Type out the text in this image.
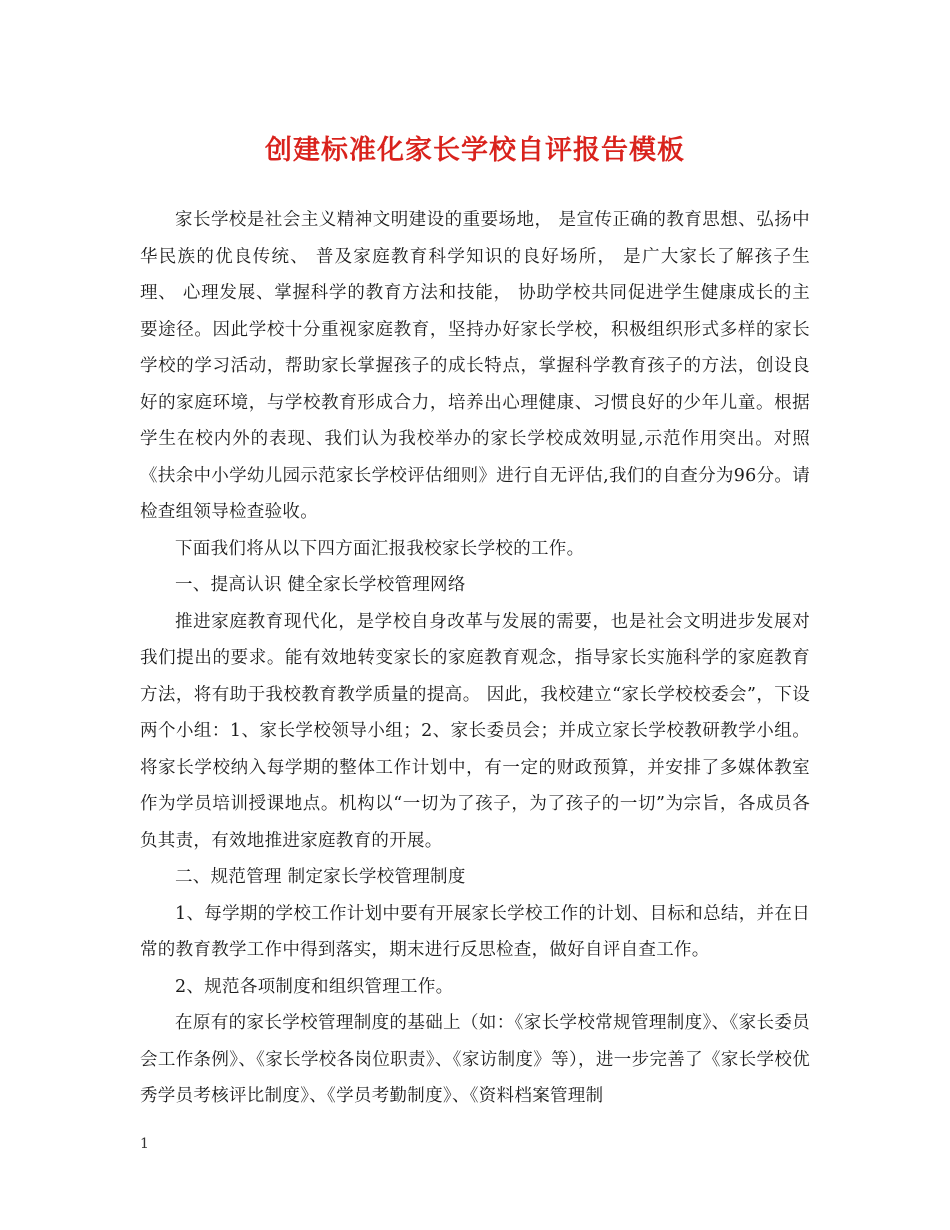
创建标准化家长学校自评报告模板

家长学校是社会主义精神文明建设的重要场地， 是宣传正确的教育思想、弘扬中华民族的优良传统、 普及家庭教育科学知识的良好场所， 是广大家长了解孩子生理、 心理发展、掌握科学的教育方法和技能， 协助学校共同促进学生健康成长的主要途径。因此学校十分重视家庭教育，坚持办好家长学校，积极组织形式多样的家长学校的学习活动，帮助家长掌握孩子的成长特点，掌握科学教育孩子的方法，创设良好的家庭环境，与学校教育形成合力，培养出心理健康、习惯良好的少年儿童。根据学生在校内外的表现、我们认为我校举办的家长学校成效明显,示范作用突出。对照《扶余中小学幼儿园示范家长学校评估细则》进行自无评估,我们的自查分为96分。请检查组领导检查验收。

下面我们将从以下四方面汇报我校家长学校的工作。

一、提高认识 健全家长学校管理网络

推进家庭教育现代化，是学校自身改革与发展的需要，也是社会文明进步发展对我们提出的要求。能有效地转变家长的家庭教育观念，指导家长实施科学的家庭教育方法，将有助于我校教育教学质量的提高。 因此，我校建立“家长学校校委会”，下设两个小组：1、家长学校领导小组；2、家长委员会；并成立家长学校教研教学小组。将家长学校纳入每学期的整体工作计划中，有一定的财政预算，并安排了多媒体教室作为学员培训授课地点。机构以“一切为了孩子，为了孩子的一切”为宗旨，各成员各负其责，有效地推进家庭教育的开展。

二、规范管理 制定家长学校管理制度

1、每学期的学校工作计划中要有开展家长学校工作的计划、目标和总结，并在日常的教育教学工作中得到落实，期末进行反思检查，做好自评自查工作。

2、规范各项制度和组织管理工作。

在原有的家长学校管理制度的基础上（如：《家长学校常规管理制度》、《家长委员会工作条例》、《家长学校各岗位职责》、《家访制度》等），进一步完善了《家长学校优秀学员考核评比制度》、《学员考勤制度》、《资料档案管理制

1
